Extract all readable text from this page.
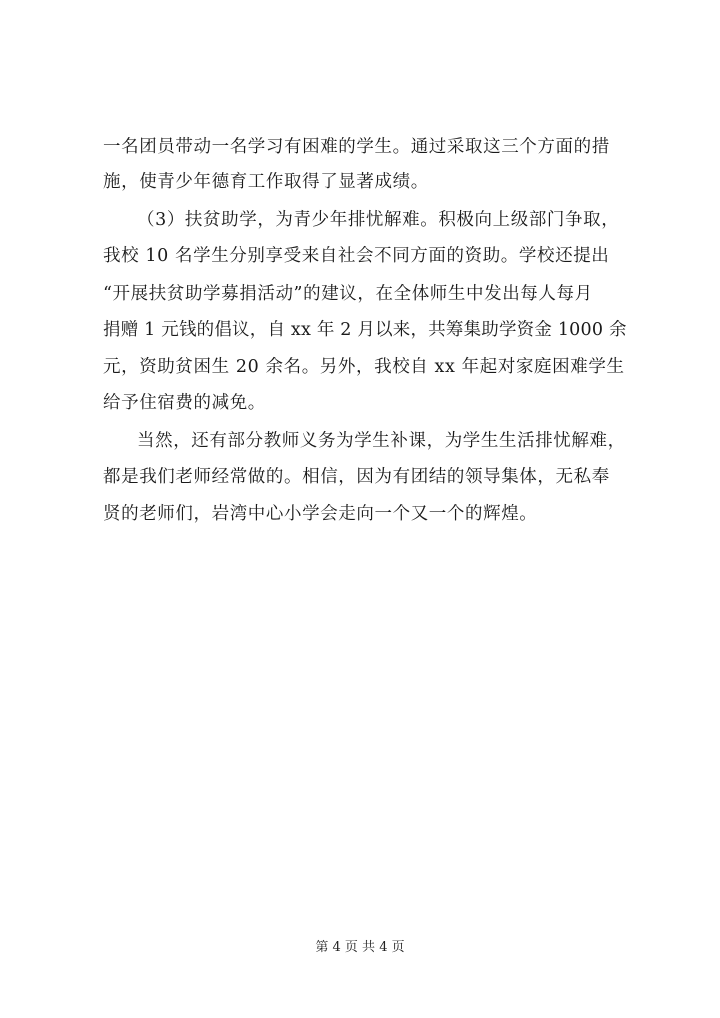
一名团员带动一名学习有困难的学生。通过采取这三个方面的措
施，使青少年德育工作取得了显著成绩。
（3）扶贫助学，为青少年排忧解难。积极向上级部门争取，
我校 10 名学生分别享受来自社会不同方面的资助。学校还提出
“开展扶贫助学募捐活动”的建议，在全体师生中发出每人每月
捐赠 1 元钱的倡议，自 xx 年 2 月以来，共筹集助学资金 1000 余
元，资助贫困生 20 余名。另外，我校自 xx 年起对家庭困难学生
给予住宿费的减免。
当然，还有部分教师义务为学生补课，为学生生活排忧解难，
都是我们老师经常做的。相信，因为有团结的领导集体，无私奉
贤的老师们，岩湾中心小学会走向一个又一个的辉煌。
第 4 页 共 4 页
